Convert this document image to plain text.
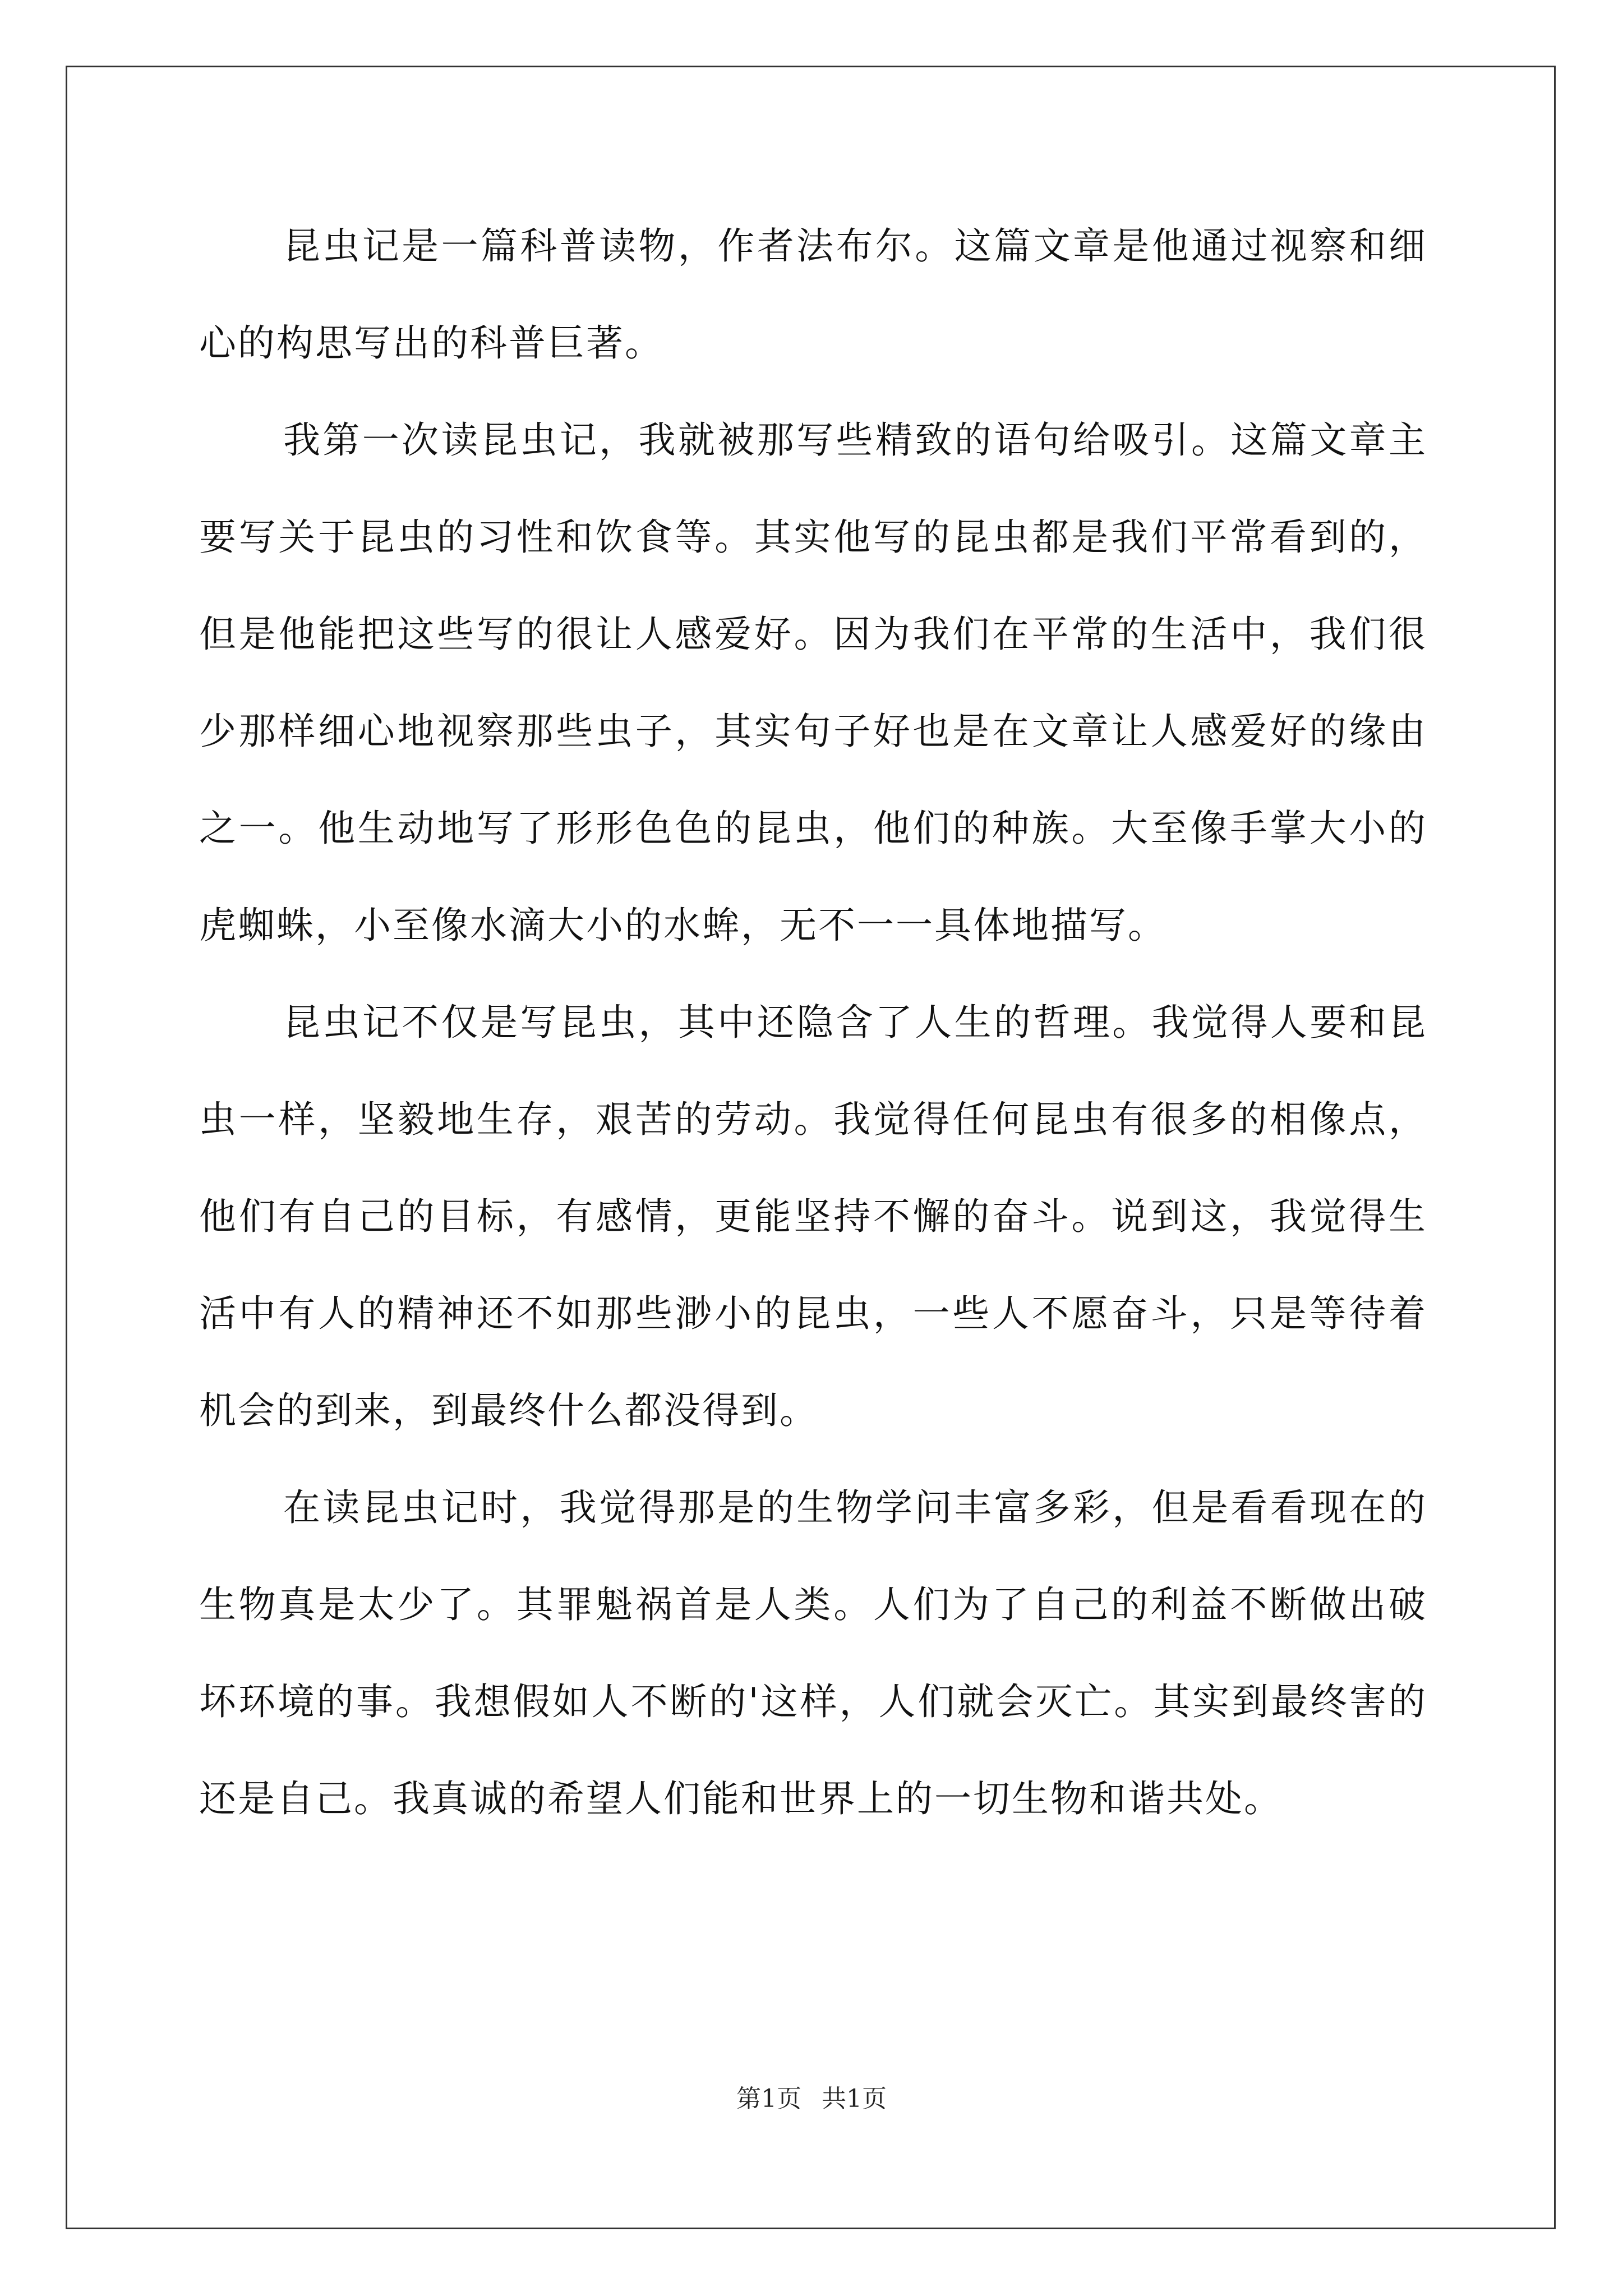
昆虫记是一篇科普读物，作者法布尔。这篇文章是他通过视察和细心的构思写出的科普巨著。

我第一次读昆虫记，我就被那写些精致的语句给吸引。这篇文章主要写关于昆虫的习性和饮食等。其实他写的昆虫都是我们平常看到的，但是他能把这些写的很让人感爱好。因为我们在平常的生活中，我们很少那样细心地视察那些虫子，其实句子好也是在文章让人感爱好的缘由之一。他生动地写了形形色色的昆虫，他们的种族。大至像手掌大小的虎蜘蛛，小至像水滴大小的水蛑，无不一一具体地描写。

昆虫记不仅是写昆虫，其中还隐含了人生的哲理。我觉得人要和昆虫一样，坚毅地生存，艰苦的劳动。我觉得任何昆虫有很多的相像点，他们有自己的目标，有感情，更能坚持不懈的奋斗。说到这，我觉得生活中有人的精神还不如那些渺小的昆虫，一些人不愿奋斗，只是等待着机会的到来，到最终什么都没得到。

在读昆虫记时，我觉得那是的生物学问丰富多彩，但是看看现在的生物真是太少了。其罪魁祸首是人类。人们为了自己的利益不断做出破坏环境的事。我想假如人不断的'这样，人们就会灭亡。其实到最终害的还是自己。我真诚的希望人们能和世界上的一切生物和谐共处。

第1页 共1页
